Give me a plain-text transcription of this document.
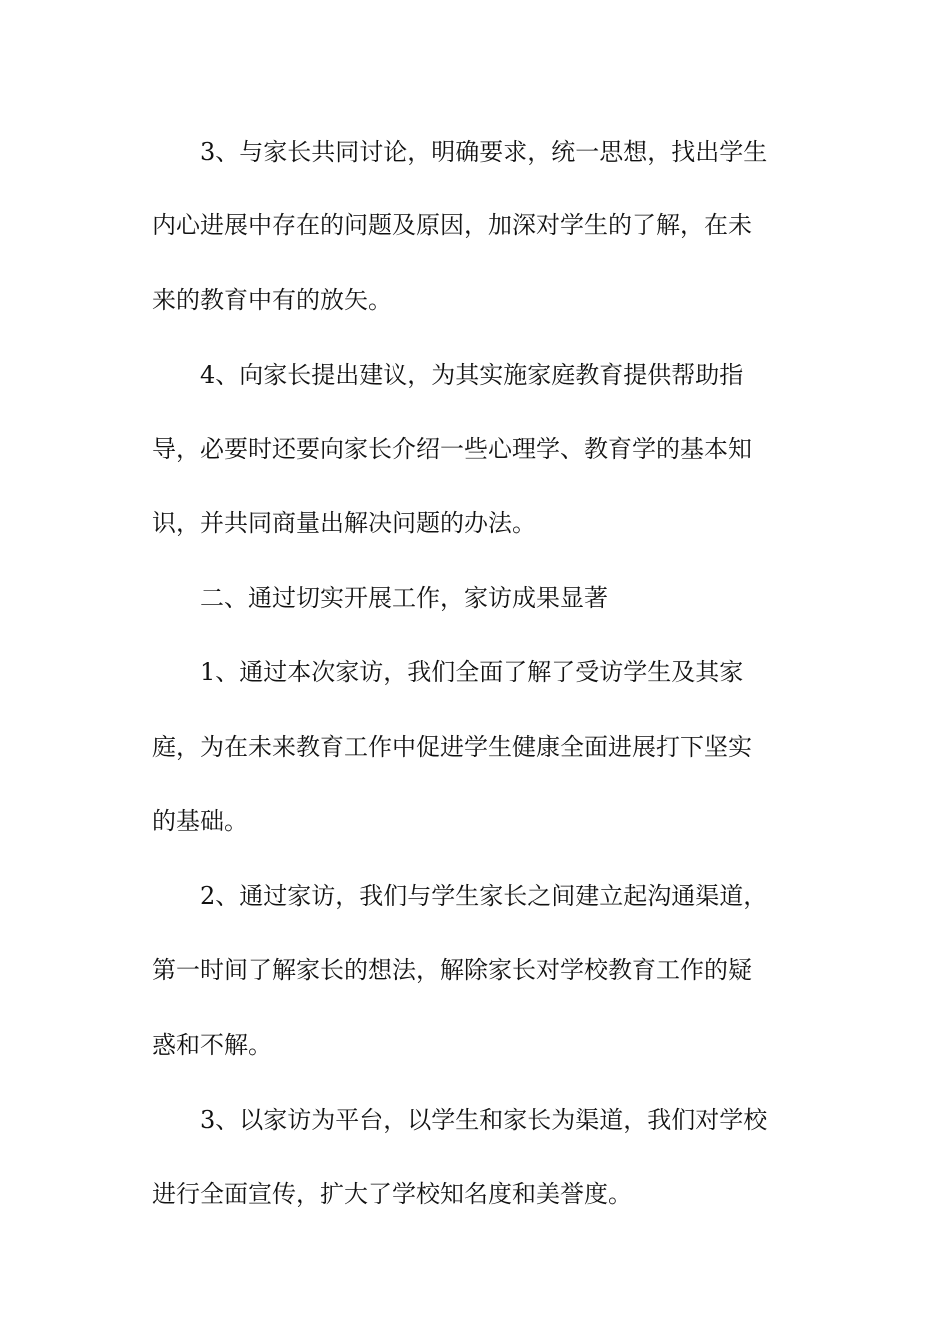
3、与家长共同讨论，明确要求，统一思想，找出学生

内心进展中存在的问题及原因，加深对学生的了解，在未

来的教育中有的放矢。

4、向家长提出建议，为其实施家庭教育提供帮助指

导，必要时还要向家长介绍一些心理学、教育学的基本知

识，并共同商量出解决问题的办法。

二、通过切实开展工作，家访成果显著

1、通过本次家访，我们全面了解了受访学生及其家

庭，为在未来教育工作中促进学生健康全面进展打下坚实

的基础。

2、通过家访，我们与学生家长之间建立起沟通渠道，

第一时间了解家长的想法，解除家长对学校教育工作的疑

惑和不解。

3、以家访为平台，以学生和家长为渠道，我们对学校

进行全面宣传，扩大了学校知名度和美誉度。
